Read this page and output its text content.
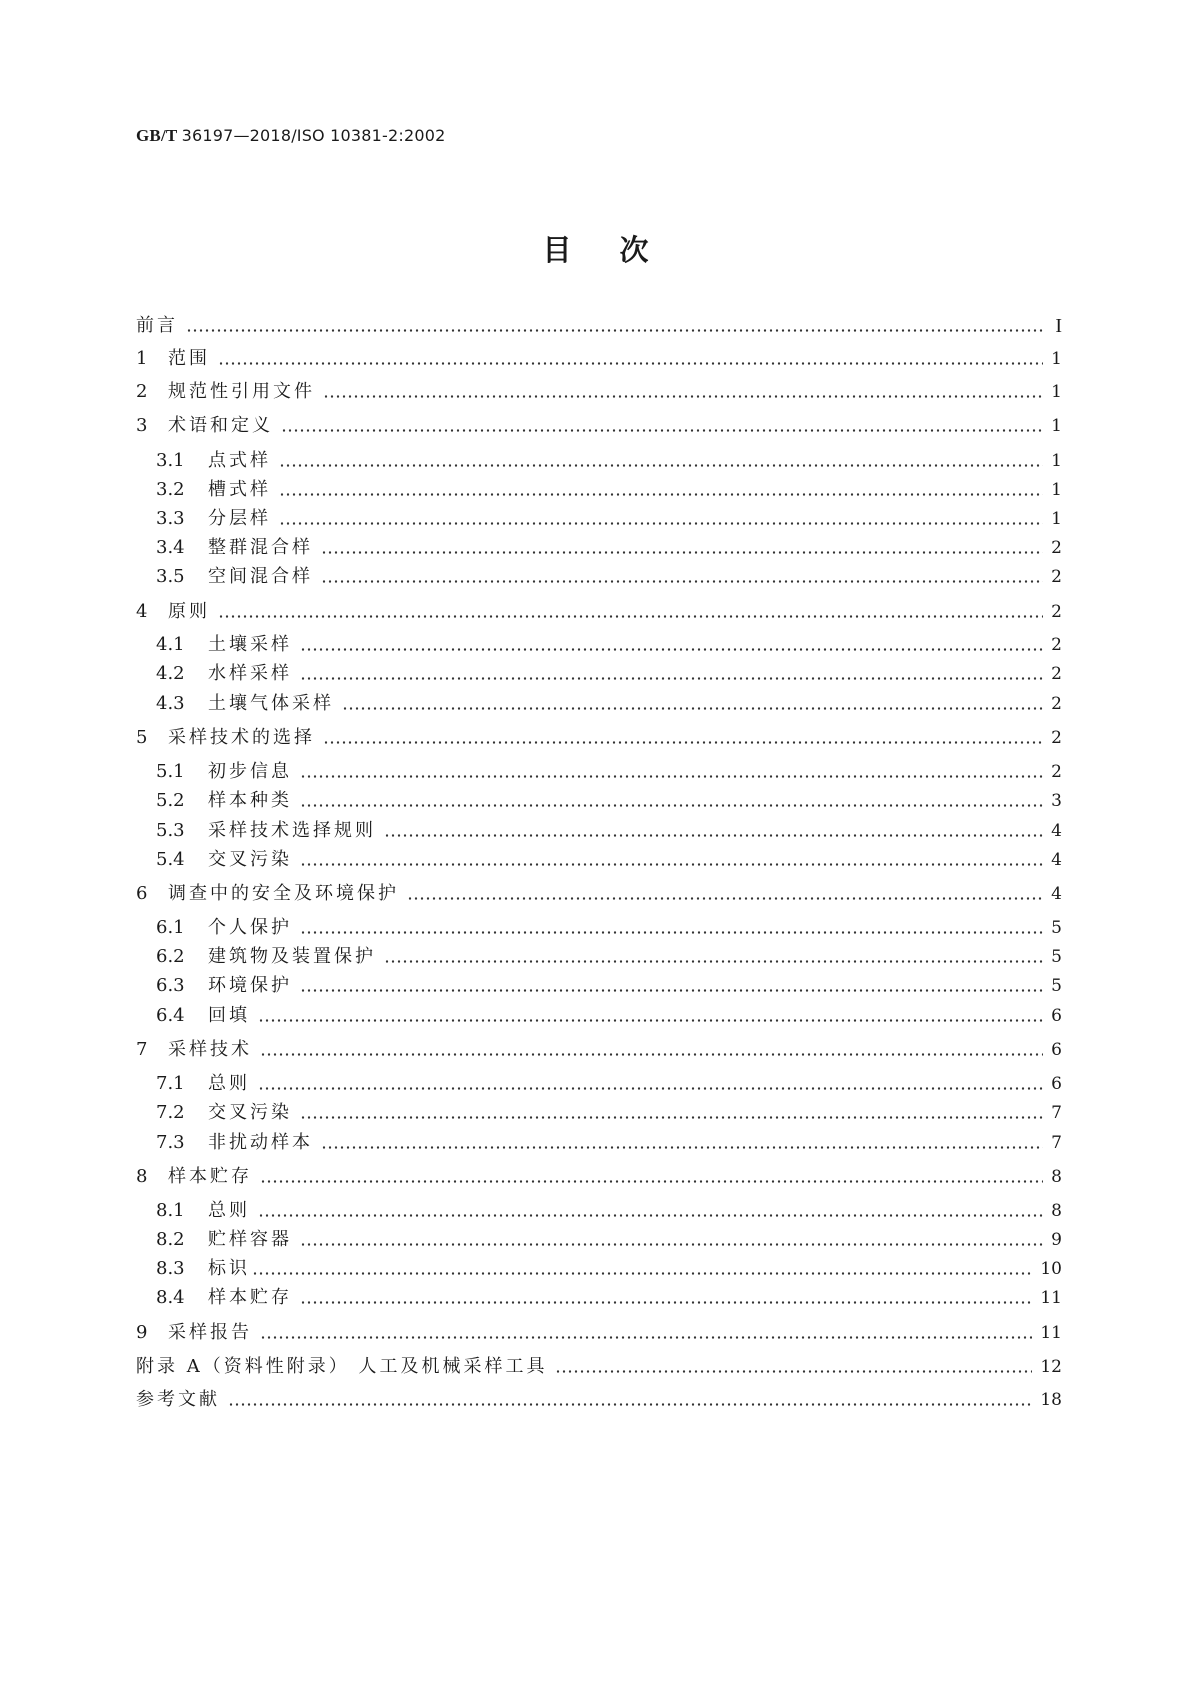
GB/T 36197—2018/ISO 10381-2:2002
目次
前言	I
1	范围	1
2	规范性引用文件	1
3	术语和定义	1
3.1	点式样	1
3.2	槽式样	1
3.3	分层样	1
3.4	整群混合样	2
3.5	空间混合样	2
4	原则	2
4.1	土壤采样	2
4.2	水样采样	2
4.3	土壤气体采样	2
5	采样技术的选择	2
5.1	初步信息	2
5.2	样本种类	3
5.3	采样技术选择规则	4
5.4	交叉污染	4
6	调查中的安全及环境保护	4
6.1	个人保护	5
6.2	建筑物及装置保护	5
6.3	环境保护	5
6.4	回填	6
7	采样技术	6
7.1	总则	6
7.2	交叉污染	7
7.3	非扰动样本	7
8	样本贮存	8
8.1	总则	8
8.2	贮样容器	9
8.3	标识	10
8.4	样本贮存	11
9	采样报告	11
附录 A（资料性附录） 人工及机械采样工具	12
参考文献	18
